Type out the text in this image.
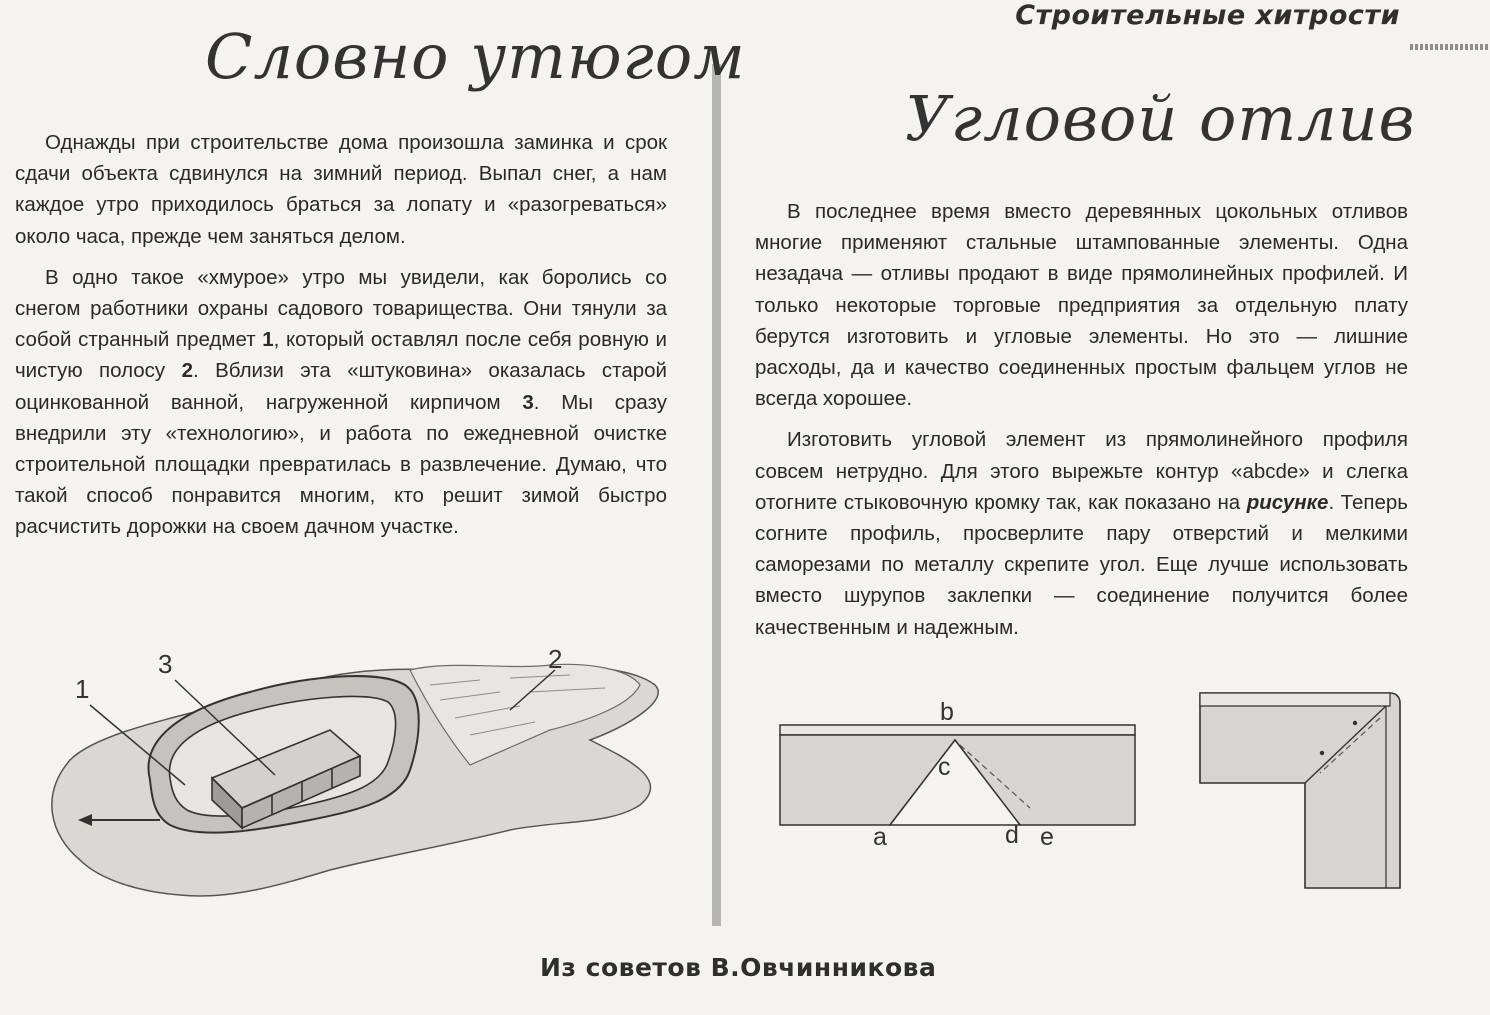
Строительные хитрости
Словно утюгом

Однажды при строительстве дома произошла заминка и срок сдачи объекта сдвинулся на зимний период. Выпал снег, а нам каждое утро приходилось браться за лопату и «разогреваться» около часа, прежде чем заняться делом.

В одно такое «хмурое» утро мы увидели, как боролись со снегом работники охраны садового товарищества. Они тянули за собой странный предмет 1, который оставлял после себя ровную и чистую полосу 2. Вблизи эта «штуковина» оказалась старой оцинкованной ванной, нагруженной кирпичом 3. Мы сразу внедрили эту «технологию», и работа по ежедневной очистке строительной площадки превратилась в развлечение. Думаю, что такой способ понравится многим, кто решит зимой быстро расчистить дорожки на своем дачном участке.

1
3	2
Угловой отлив

В последнее время вместо деревянных цокольных отливов многие применяют стальные штампованные элементы. Одна незадача — отливы продают в виде прямолинейных профилей. И только некоторые торговые предприятия за отдельную плату берутся изготовить и угловые элементы. Но это — лишние расходы, да и качество соединенных простым фальцем углов не всегда хорошее.

Изготовить угловой элемент из прямолинейного профиля совсем нетрудно. Для этого вырежьте контур «abcde» и слегка отогните стыковочную кромку так, как показано на рисунке. Теперь согните профиль, просверлите пару отверстий и мелкими саморезами по металлу скрепите угол. Еще лучше использовать вместо шурупов заклепки — соединение получится более качественным и надежным.

b
c
a	d e
Из советов В.Овчинникова
